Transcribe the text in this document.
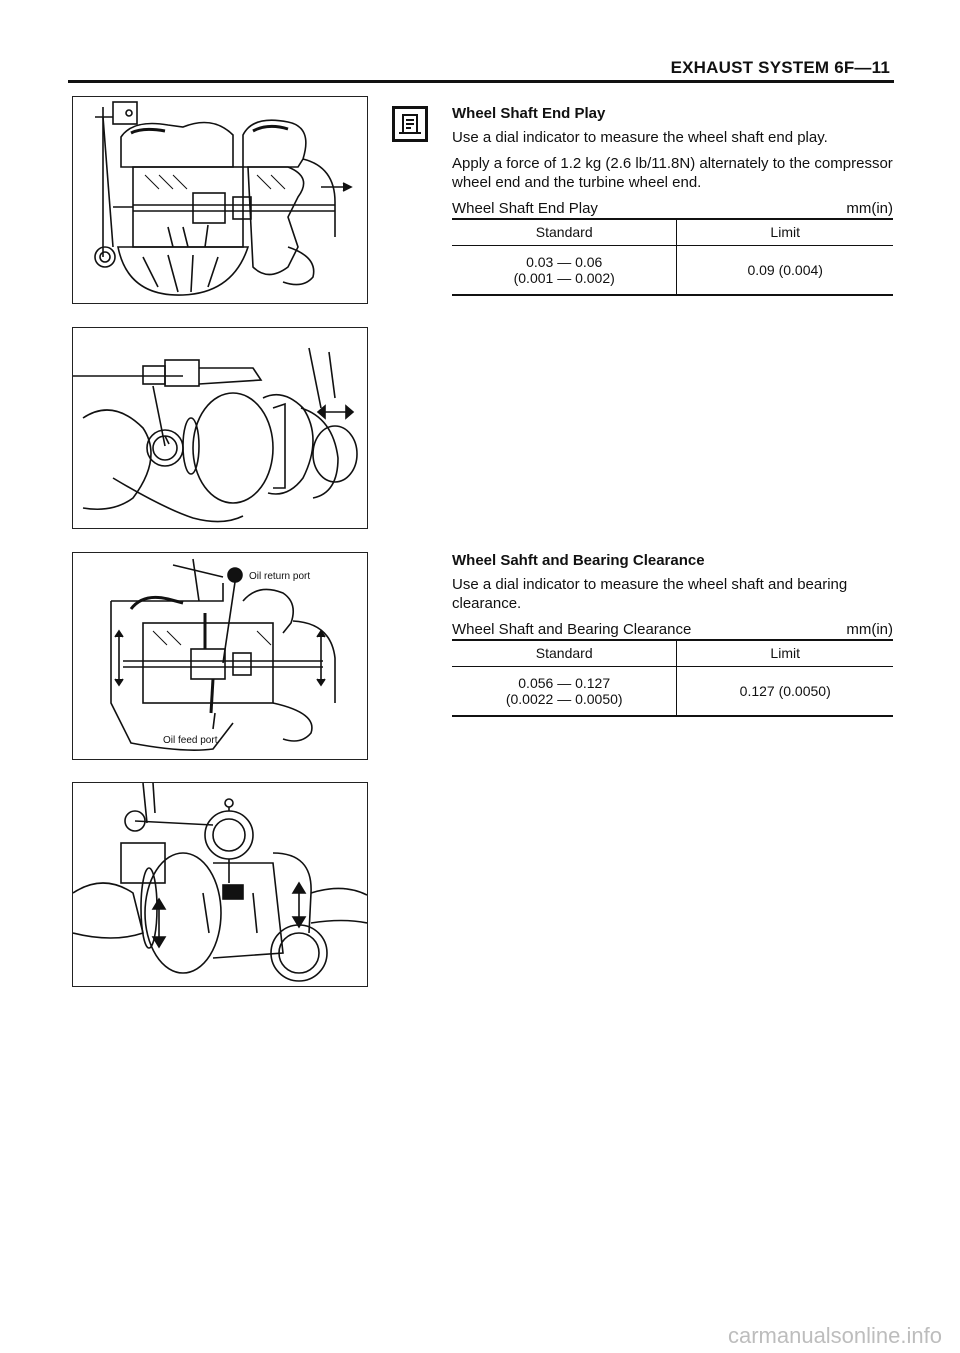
EXHAUST SYSTEM 6F—11
Oil return port
Oil feed port
Wheel Shaft End Play

Use a dial indicator to measure the wheel shaft end play.

Apply a force of 1.2 kg (2.6 lb/11.8N) alternately to the compressor wheel end and the turbine wheel end.

Wheel Shaft End Play	mm(in)
Standard	Limit

0.03 — 0.06
(0.001 — 0.002)	0.09 (0.004)
Wheel Sahft and Bearing Clearance

Use a dial indicator to measure the wheel shaft and bearing clearance.

Wheel Shaft and Bearing Clearance	mm(in)
Standard	Limit

0.056 — 0.127
(0.0022 — 0.0050)	0.127 (0.0050)
carmanualsonline.info
